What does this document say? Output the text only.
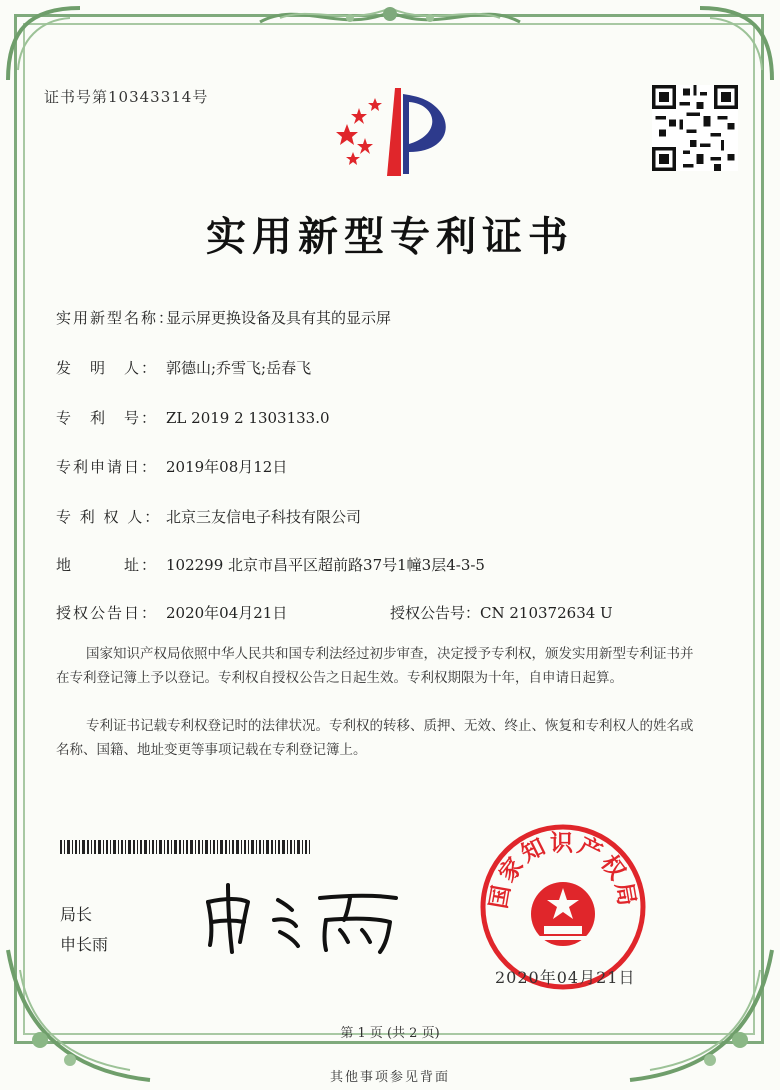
证书号第10343314号
实用新型专利证书
实用新型名称：显示屏更换设备及具有其的显示屏
发　明　人： 郭德山;乔雪飞;岳春飞
专　利　号： ZL 2019 2 1303133.0
专利申请日： 2019年08月12日
专 利 权 人： 北京三友信电子科技有限公司
地　　　址： 102299 北京市昌平区超前路37号1幢3层4-3-5
授权公告日： 2020年04月21日	授权公告号：CN 210372634 U
国家知识产权局依照中华人民共和国专利法经过初步审查，决定授予专利权，颁发实用新型专利证书并在专利登记簿上予以登记。专利权自授权公告之日起生效。专利权期限为十年，自申请日起算。
专利证书记载专利权登记时的法律状况。专利权的转移、质押、无效、终止、恢复和专利权人的姓名或名称、国籍、地址变更等事项记载在专利登记簿上。
局长
申长雨
国家知识产权局
2020年04月21日
第 1 页 (共 2 页)
其他事项参见背面
